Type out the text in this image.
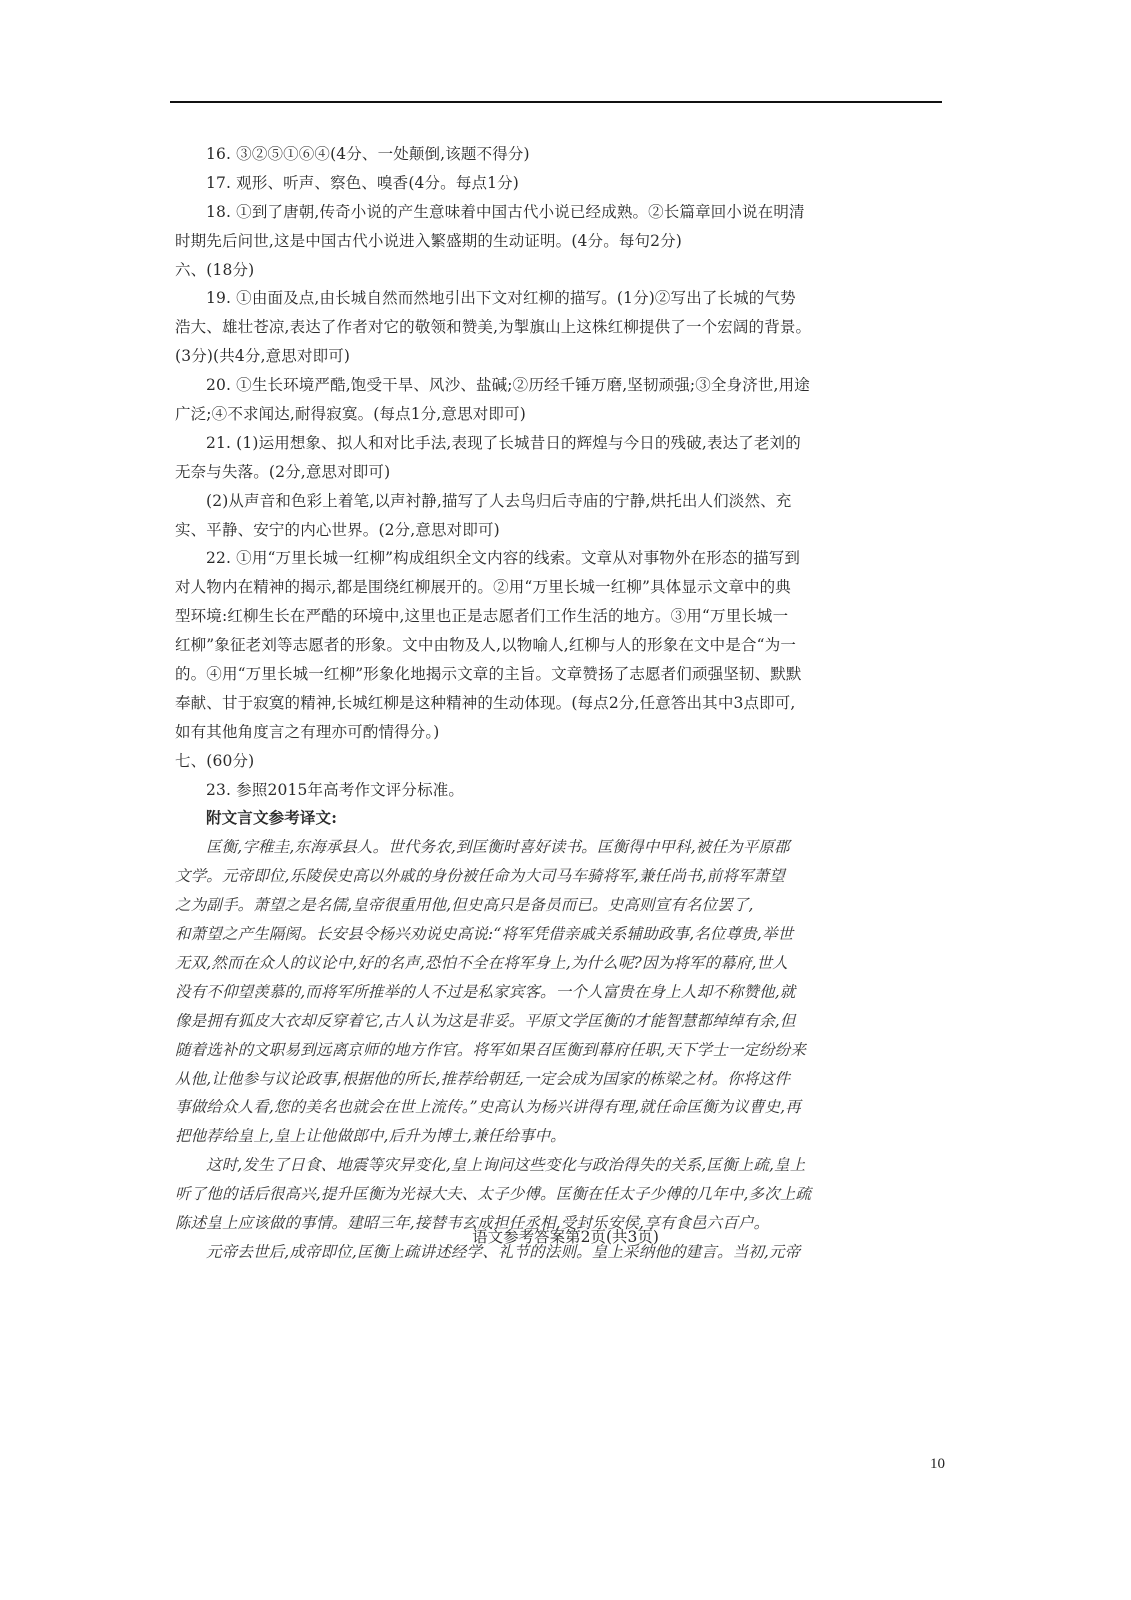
16. ③②⑤①⑥④(4分、一处颠倒,该题不得分)
17. 观形、听声、察色、嗅香(4分。每点1分)
18. ①到了唐朝,传奇小说的产生意味着中国古代小说已经成熟。②长篇章回小说在明清
时期先后问世,这是中国古代小说进入繁盛期的生动证明。(4分。每句2分)
六、(18分)
19. ①由面及点,由长城自然而然地引出下文对红柳的描写。(1分)②写出了长城的气势
浩大、雄壮苍凉,表达了作者对它的敬领和赞美,为掣旗山上这株红柳提供了一个宏阔的背景。
(3分)(共4分,意思对即可)
20. ①生长环境严酷,饱受干旱、风沙、盐碱;②历经千锤万磨,坚韧顽强;③全身济世,用途
广泛;④不求闻达,耐得寂寞。(每点1分,意思对即可)
21. (1)运用想象、拟人和对比手法,表现了长城昔日的辉煌与今日的残破,表达了老刘的
无奈与失落。(2分,意思对即可)
(2)从声音和色彩上着笔,以声衬静,描写了人去鸟归后寺庙的宁静,烘托出人们淡然、充
实、平静、安宁的内心世界。(2分,意思对即可)
22. ①用“万里长城一红柳”构成组织全文内容的线索。文章从对事物外在形态的描写到
对人物内在精神的揭示,都是围绕红柳展开的。②用“万里长城一红柳”具体显示文章中的典
型环境:红柳生长在严酷的环境中,这里也正是志愿者们工作生活的地方。③用“万里长城一
红柳”象征老刘等志愿者的形象。文中由物及人,以物喻人,红柳与人的形象在文中是合“为一
的。④用“万里长城一红柳”形象化地揭示文章的主旨。文章赞扬了志愿者们顽强坚韧、默默
奉献、甘于寂寞的精神,长城红柳是这种精神的生动体现。(每点2分,任意答出其中3点即可,
如有其他角度言之有理亦可酌情得分。)
七、(60分)
23. 参照2015年高考作文评分标准。
附文言文参考译文:
匡衡,字稚圭,东海承县人。世代务农,到匡衡时喜好读书。匡衡得中甲科,被任为平原郡
文学。元帝即位,乐陵侯史高以外戚的身份被任命为大司马车骑将军,兼任尚书,前将军萧望
之为副手。萧望之是名儒,皇帝很重用他,但史高只是备员而已。史高则宣有名位罢了,
和萧望之产生隔阂。长安县令杨兴劝说史高说:“将军凭借亲戚关系辅助政事,名位尊贵,举世
无双,然而在众人的议论中,好的名声,恐怕不全在将军身上,为什么呢?因为将军的幕府,世人
没有不仰望羡慕的,而将军所推举的人不过是私家宾客。一个人富贵在身上人却不称赞他,就
像是拥有狐皮大衣却反穿着它,古人认为这是非妥。平原文学匡衡的才能智慧都绰绰有余,但
随着选补的文职易到远离京师的地方作官。将军如果召匡衡到幕府任职,天下学士一定纷纷来
从他,让他参与议论政事,根据他的所长,推荐给朝廷,一定会成为国家的栋梁之材。你将这件
事做给众人看,您的美名也就会在世上流传。”史高认为杨兴讲得有理,就任命匡衡为议曹史,再
把他荐给皇上,皇上让他做郎中,后升为博士,兼任给事中。
这时,发生了日食、地震等灾异变化,皇上询问这些变化与政治得失的关系,匡衡上疏,皇上
听了他的话后很高兴,提升匡衡为光禄大夫、太子少傅。匡衡在任太子少傅的几年中,多次上疏
陈述皇上应该做的事情。建昭三年,接替韦玄成担任丞相,受封乐安侯,享有食邑六百户。
元帝去世后,成帝即位,匡衡上疏讲述经学、礼节的法则。皇上采纳他的建言。当初,元帝
语文参考答案第2页(共3页)
10
